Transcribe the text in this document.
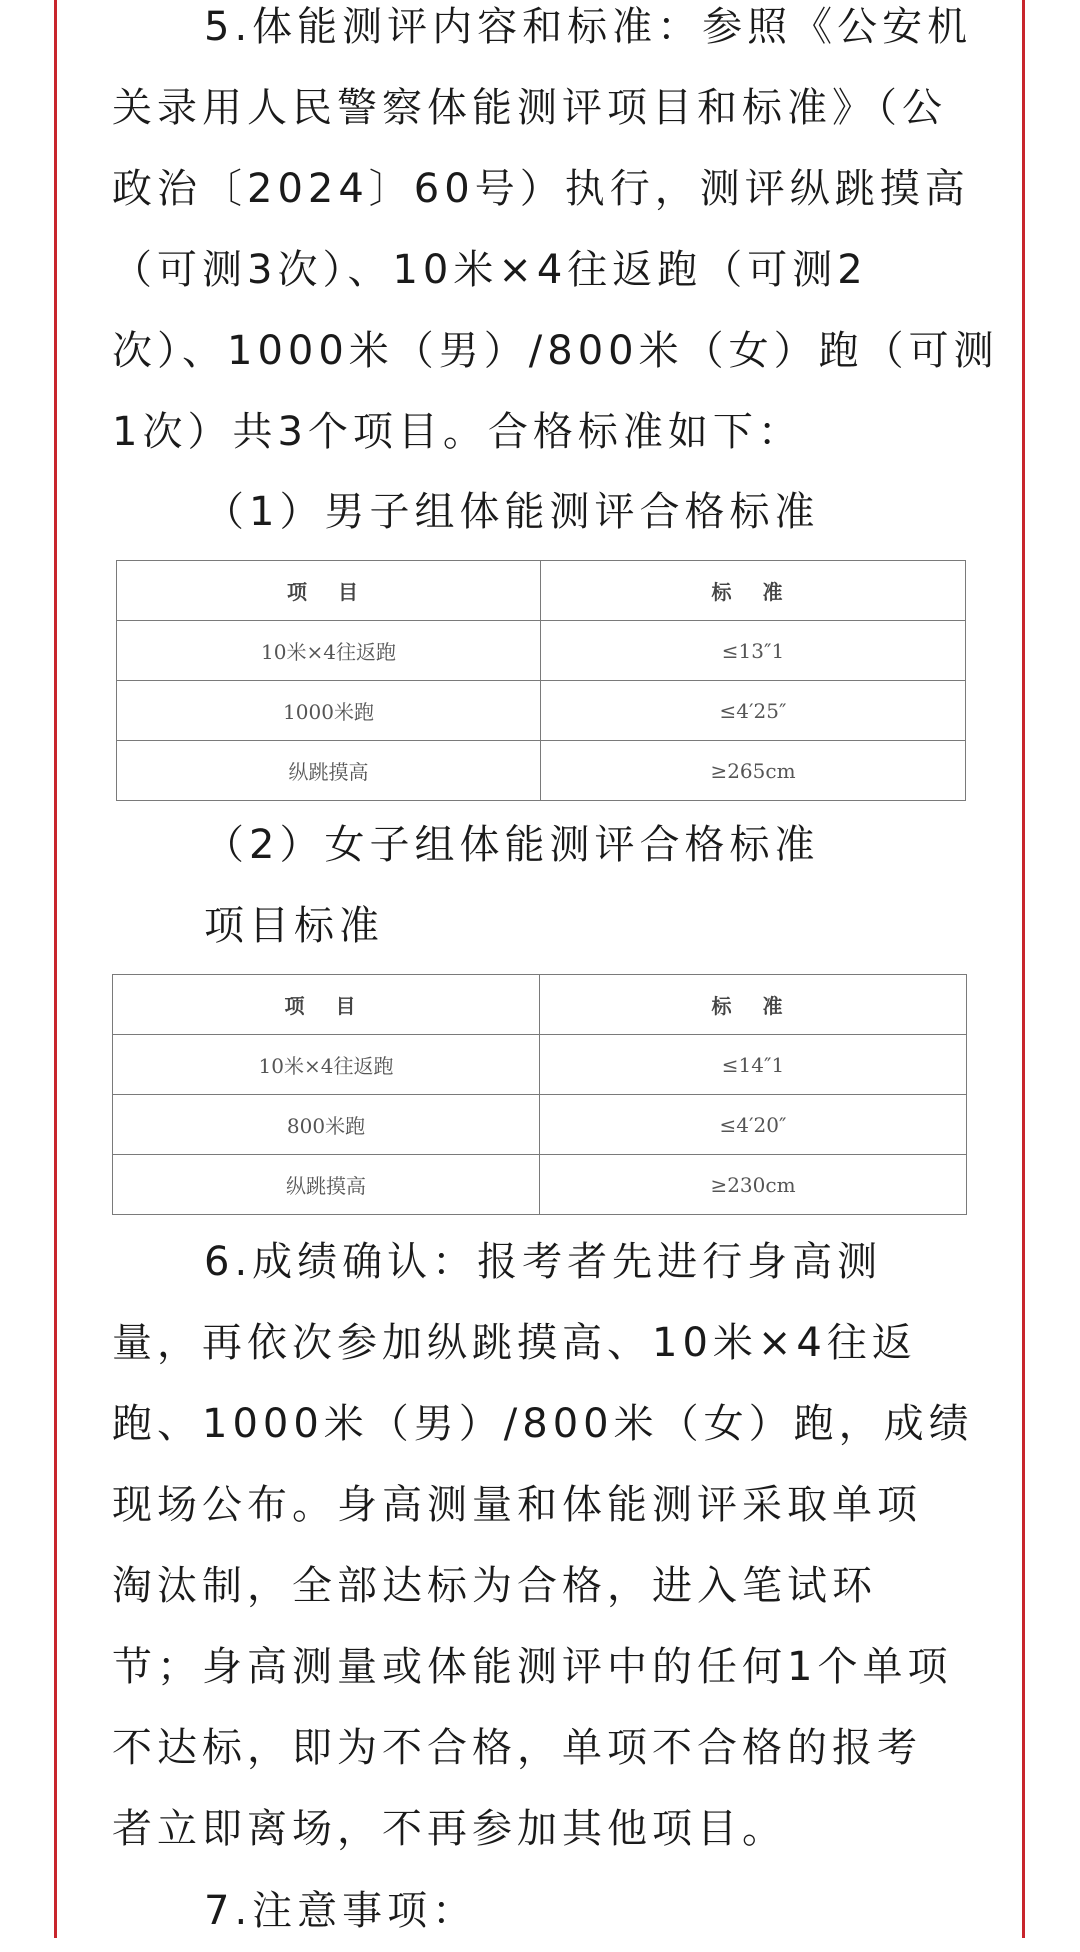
5.体能测评内容和标准：参照《公安机
关录用人民警察体能测评项目和标准》（公
政治〔2024〕60号）执行，测评纵跳摸高
（可测3次）、10米×4往返跑（可测2
次）、1000米（男）/800米（女）跑（可测
1次）共3个项目。合格标准如下：
（1）男子组体能测评合格标准
（2）女子组体能测评合格标准
项目标准
6.成绩确认：报考者先进行身高测
量，再依次参加纵跳摸高、10米×4往返
跑、1000米（男）/800米（女）跑，成绩
现场公布。身高测量和体能测评采取单项
淘汰制，全部达标为合格，进入笔试环
节；身高测量或体能测评中的任何1个单项
不达标，即为不合格，单项不合格的报考
者立即离场，不再参加其他项目。
7.注意事项：
项 目	标 准
10米×4往返跑	≤13″1
1000米跑	≤4′25″
纵跳摸高	≥265cm
项 目	标 准
10米×4往返跑	≤14″1
800米跑	≤4′20″
纵跳摸高	≥230cm
